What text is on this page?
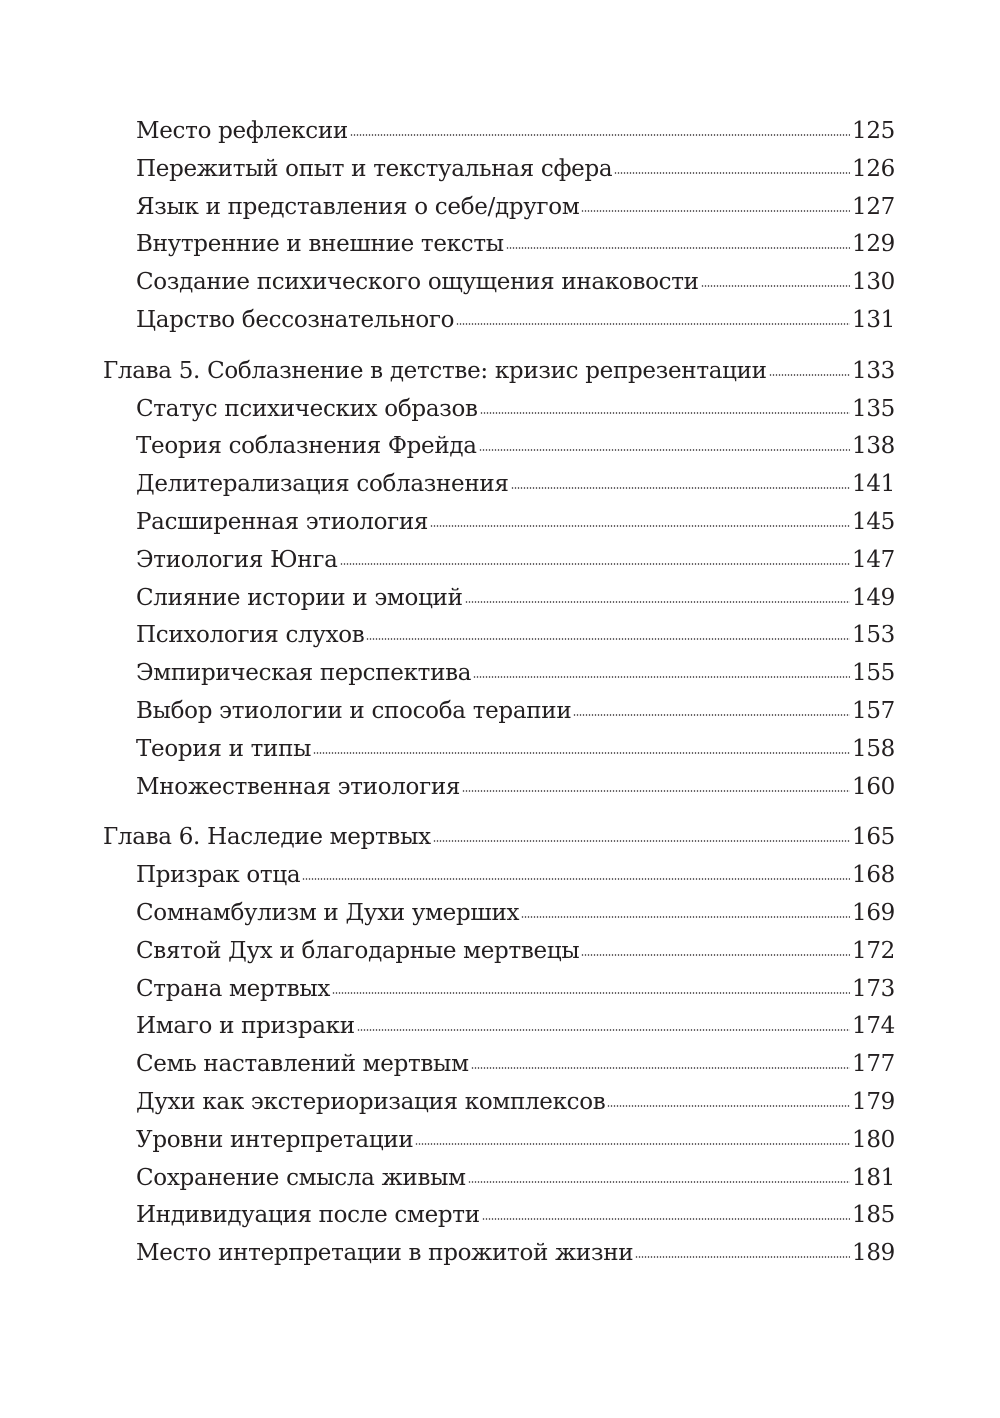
Место рефлексии	125
Пережитый опыт и текстуальная сфера	126
Язык и представления о себе/другом	127
Внутренние и внешние тексты	129
Создание психического ощущения инаковости	130
Царство бессознательного	131
Глава 5. Соблазнение в детстве: кризис репрезентации	133
Статус психических образов	135
Теория соблазнения Фрейда	138
Делитерализация соблазнения	141
Расширенная этиология	145
Этиология Юнга	147
Слияние истории и эмоций	149
Психология слухов	153
Эмпирическая перспектива	155
Выбор этиологии и способа терапии	157
Теория и типы	158
Множественная этиология	160
Глава 6. Наследие мертвых	165
Призрак отца	168
Сомнамбулизм и Духи умерших	169
Святой Дух и благодарные мертвецы	172
Страна мертвых	173
Имаго и призраки	174
Семь наставлений мертвым	177
Духи как экстериоризация комплексов	179
Уровни интерпретации	180
Сохранение смысла живым	181
Индивидуация после смерти	185
Место интерпретации в прожитой жизни	189
